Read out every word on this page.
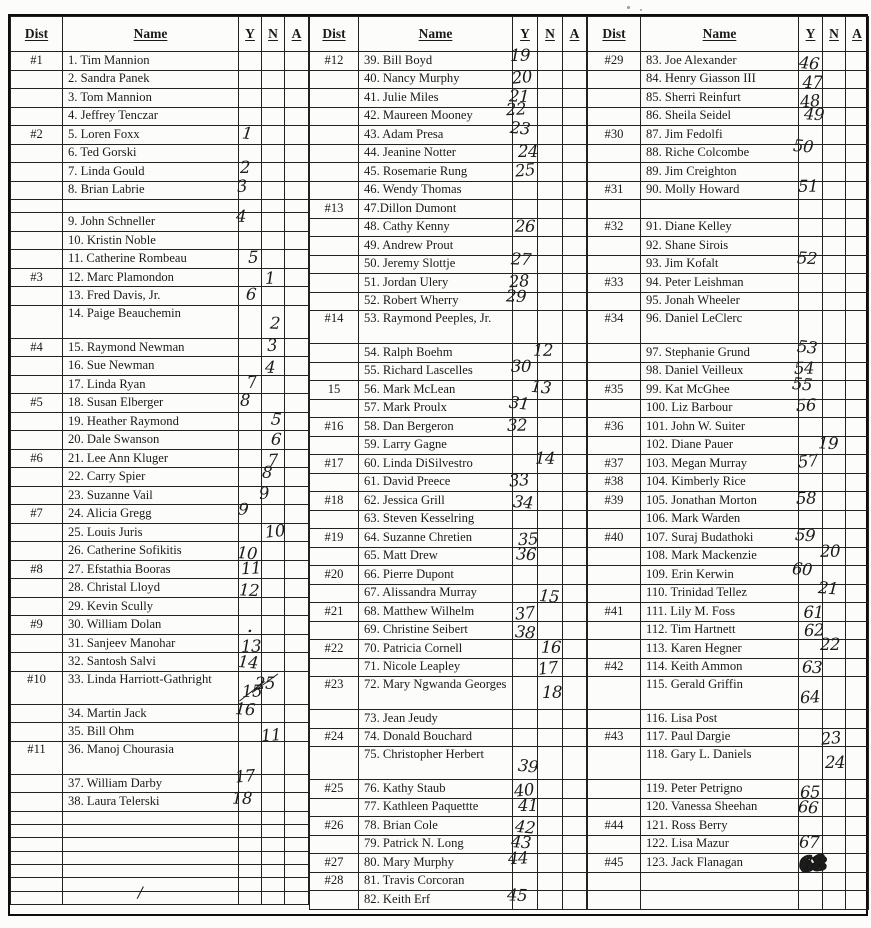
Dist	Name	Y	N	A
#1	1. Tim Mannion			
	2. Sandra Panek			
	3. Tom Mannion			
	4. Jeffrey Tenczar			
#2	5. Loren Foxx	1		

	6. Ted Gorski			
	7. Linda Gould	2		

	8. Brian Labrie	3		

	9. John Schneller	4		

	10. Kristin Noble			
	11. Catherine Rombeau	5		

#3	12. Marc Plamondon		1	

	13. Fred Davis, Jr.	6		

	14. Paige Beauchemin		2	

#4	15. Raymond Newman		3	

	16. Sue Newman		4	

	17. Linda Ryan	7		

#5	18. Susan Elberger	8		

	19. Heather Raymond		5	

	20. Dale Swanson		6	

#6	21. Lee Ann Kluger		7	

	22. Carry Spier		8	

	23. Suzanne Vail		9	

#7	24. Alicia Gregg	9		

	25. Louis Juris		10	

	26. Catherine Sofikitis	10		

#8	27. Efstathia Booras	11		

	28. Christal Lloyd	12		

	29. Kevin Scully			
#9	30. William Dolan	.		

	31. Sanjeev Manohar	13		

	32. Santosh Salvi	14		

#10	33. Linda Harriott-Gathright	15	25	

	34. Martin Jack	16		

	35. Bill Ohm		11	

#11	36. Manoj Chourasia			
	37. William Darby	17		

	38. Laura Telerski	18		

	/			

Dist	Name	Y	N	A
#12	39. Bill Boyd	19		

	40. Nancy Murphy	20		

	41. Julie Miles	21		

	42. Maureen Mooney	22		

	43. Adam Presa	23		

	44. Jeanine Notter	24		

	45. Rosemarie Rung	25		

	46. Wendy Thomas			
#13	47.Dillon Dumont			
	48. Cathy Kenny	26		

	49. Andrew Prout			
	50. Jeremy Slottje	27		

	51. Jordan Ulery	28		

	52. Robert Wherry	29		

#14	53. Raymond Peeples, Jr.			
	54. Ralph Boehm		12	

	55. Richard Lascelles	30		

15	56. Mark McLean		13	

	57. Mark Proulx	31		

#16	58. Dan Bergeron	32		

	59. Larry Gagne			
#17	60. Linda DiSilvestro		14	

	61. David Preece	33		

#18	62. Jessica Grill	34		

	63. Steven Kesselring			
#19	64. Suzanne Chretien	35		

	65. Matt Drew	36		

#20	66. Pierre Dupont			
	67. Alissandra Murray		15	

#21	68. Matthew Wilhelm	37		

	69. Christine Seibert	38		

#22	70. Patricia Cornell		16	

	71. Nicole Leapley		17	

#23	72. Mary Ngwanda Georges		18	

	73. Jean Jeudy			
#24	74. Donald Bouchard			
	75. Christopher Herbert	39		

#25	76. Kathy Staub	40		

	77. Kathleen Paquettte	41		

#26	78. Brian Cole	42		

	79. Patrick N. Long	43		

#27	80. Mary Murphy	44		

#28	81. Travis Corcoran			
	82. Keith Erf	45		

Dist	Name	Y	N	A
#29	83. Joe Alexander	46		

	84. Henry Giasson III	47		

	85. Sherri Reinfurt	48		

	86. Sheila Seidel	49		

#30	87. Jim Fedolfi			
	88. Riche Colcombe	50		

	89. Jim Creighton			
#31	90. Molly Howard	51		

#32	91. Diane Kelley			
	92. Shane Sirois			
	93. Jim Kofalt	52		

#33	94. Peter Leishman			
	95. Jonah Wheeler			
#34	96. Daniel LeClerc			
	97. Stephanie Grund	53		

	98. Daniel Veilleux	54		

#35	99. Kat McGhee	55		

	100. Liz Barbour	56		

#36	101. John W. Suiter			
	102. Diane Pauer		19	

#37	103. Megan Murray	57		

#38	104. Kimberly Rice			
#39	105. Jonathan Morton	58		

	106. Mark Warden			
#40	107. Suraj Budathoki	59		

	108. Mark Mackenzie		20	

	109. Erin Kerwin	60		

	110. Trinidad Tellez		21	

#41	111. Lily M. Foss	61		

	112. Tim Hartnett	62		

	113. Karen Hegner		22	

#42	114. Keith Ammon	63		

	115. Gerald Griffin	64		

	116. Lisa Post			
#43	117. Paul Dargie		23	

	118. Gary L. Daniels		24	

	119. Peter Petrigno	65		

	120. Vanessa Sheehan	66		

#44	121. Ross Berry			
	122. Lisa Mazur	67		

#45	123. Jack Flanagan	68		
